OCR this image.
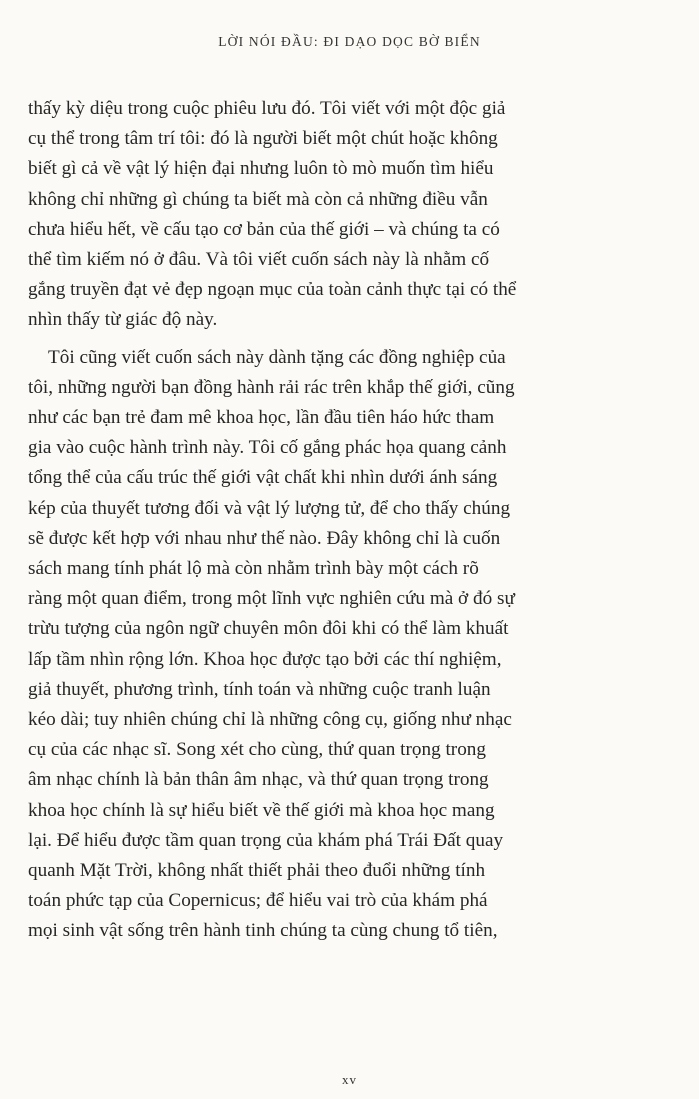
LỜI NÓI ĐẦU: ĐI DẠO DỌC BỜ BIỂN
thấy kỳ diệu trong cuộc phiêu lưu đó. Tôi viết với một độc giả
cụ thể trong tâm trí tôi: đó là người biết một chút hoặc không
biết gì cả về vật lý hiện đại nhưng luôn tò mò muốn tìm hiểu
không chỉ những gì chúng ta biết mà còn cả những điều vẫn
chưa hiểu hết, về cấu tạo cơ bản của thế giới – và chúng ta có
thể tìm kiếm nó ở đâu. Và tôi viết cuốn sách này là nhằm cố
gắng truyền đạt vẻ đẹp ngoạn mục của toàn cảnh thực tại có thể
nhìn thấy từ giác độ này.
Tôi cũng viết cuốn sách này dành tặng các đồng nghiệp của
tôi, những người bạn đồng hành rải rác trên khắp thế giới, cũng
như các bạn trẻ đam mê khoa học, lần đầu tiên háo hức tham
gia vào cuộc hành trình này. Tôi cố gắng phác họa quang cảnh
tổng thể của cấu trúc thế giới vật chất khi nhìn dưới ánh sáng
kép của thuyết tương đối và vật lý lượng tử, để cho thấy chúng
sẽ được kết hợp với nhau như thế nào. Đây không chỉ là cuốn
sách mang tính phát lộ mà còn nhằm trình bày một cách rõ
ràng một quan điểm, trong một lĩnh vực nghiên cứu mà ở đó sự
trừu tượng của ngôn ngữ chuyên môn đôi khi có thể làm khuất
lấp tầm nhìn rộng lớn. Khoa học được tạo bởi các thí nghiệm,
giả thuyết, phương trình, tính toán và những cuộc tranh luận
kéo dài; tuy nhiên chúng chỉ là những công cụ, giống như nhạc
cụ của các nhạc sĩ. Song xét cho cùng, thứ quan trọng trong
âm nhạc chính là bản thân âm nhạc, và thứ quan trọng trong
khoa học chính là sự hiểu biết về thế giới mà khoa học mang
lại. Để hiểu được tầm quan trọng của khám phá Trái Đất quay
quanh Mặt Trời, không nhất thiết phải theo đuổi những tính
toán phức tạp của Copernicus; để hiểu vai trò của khám phá
mọi sinh vật sống trên hành tinh chúng ta cùng chung tổ tiên,
xv
